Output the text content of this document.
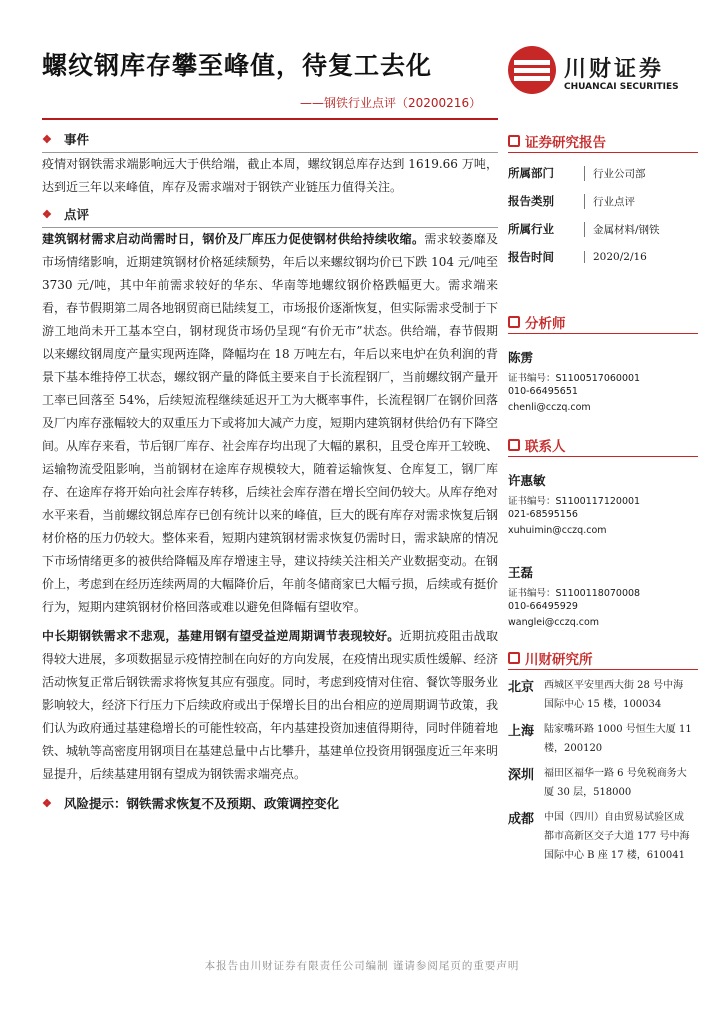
螺纹钢库存攀至峰值，待复工去化
——钢铁行业点评（20200216）
川财证券
CHUANCAI SECURITIES
❖ 事件

疫情对钢铁需求端影响远大于供给端，截止本周，螺纹钢总库存达到 1619.66 万吨，达到近三年以来峰值，库存及需求端对于钢铁产业链压力值得关注。

❖ 点评

建筑钢材需求启动尚需时日，钢价及厂库压力促使钢材供给持续收缩。需求较萎靡及市场情绪影响，近期建筑钢材价格延续颓势，年后以来螺纹钢均价已下跌 104 元/吨至 3730 元/吨，其中年前需求较好的华东、华南等地螺纹钢价格跌幅更大。需求端来看，春节假期第二周各地钢贸商已陆续复工，市场报价逐渐恢复，但实际需求受制于下游工地尚未开工基本空白，钢材现货市场仍呈现“有价无市”状态。供给端，春节假期以来螺纹钢周度产量实现两连降，降幅均在 18 万吨左右，年后以来电炉在负利润的背景下基本维持停工状态，螺纹钢产量的降低主要来自于长流程钢厂，当前螺纹钢产量开工率已回落至 54%，后续短流程继续延迟开工为大概率事件，长流程钢厂在钢价回落及厂内库存涨幅较大的双重压力下或将加大减产力度，短期内建筑钢材供给仍有下降空间。从库存来看，节后钢厂库存、社会库存均出现了大幅的累积，且受仓库开工较晚、运输物流受阻影响，当前钢材在途库存规模较大，随着运输恢复、仓库复工，钢厂库存、在途库存将开始向社会库存转移，后续社会库存潜在增长空间仍较大。从库存绝对水平来看，当前螺纹钢总库存已创有统计以来的峰值，巨大的既有库存对需求恢复后钢材价格的压力仍较大。整体来看，短期内建筑钢材需求恢复仍需时日，需求缺席的情况下市场情绪更多的被供给降幅及库存增速主导，建议持续关注相关产业数据变动。在钢价上，考虑到在经历连续两周的大幅降价后，年前冬储商家已大幅亏损，后续或有挺价行为，短期内建筑钢材价格回落或难以避免但降幅有望收窄。

中长期钢铁需求不悲观，基建用钢有望受益逆周期调节表现较好。近期抗疫阻击战取得较大进展，多项数据显示疫情控制在向好的方向发展，在疫情出现实质性缓解、经济活动恢复正常后钢铁需求将恢复其应有强度。同时，考虑到疫情对住宿、餐饮等服务业影响较大，经济下行压力下后续政府或出于保增长目的出台相应的逆周期调节政策，我们认为政府通过基建稳增长的可能性较高，年内基建投资加速值得期待，同时伴随着地铁、城轨等高密度用钢项目在基建总量中占比攀升，基建单位投资用钢强度近三年来明显提升，后续基建用钢有望成为钢铁需求端亮点。

❖ 风险提示： 钢铁需求恢复不及预期、政策调控变化
证券研究报告
所属部门	行业公司部
报告类别	行业点评
所属行业	金属材料/钢铁
报告时间	2020/2/16
分析师
陈雳
证书编号：S1100517060001
010-66495651
chenli@cczq.com
联系人
许惠敏
证书编号：S1100117120001
021-68595156
xuhuimin@cczq.com
王磊
证书编号：S1100118070008
010-66495929
wanglei@cczq.com
川财研究所
北京 西城区平安里西大街 28 号中海国际中心 15 楼，100034
上海 陆家嘴环路 1000 号恒生大厦 11 楼，200120
深圳 福田区福华一路 6 号免税商务大厦 30 层，518000
成都 中国（四川）自由贸易试验区成都市高新区交子大道 177 号中海国际中心 B 座 17 楼，610041
本报告由川财证券有限责任公司编制 谨请参阅尾页的重要声明
